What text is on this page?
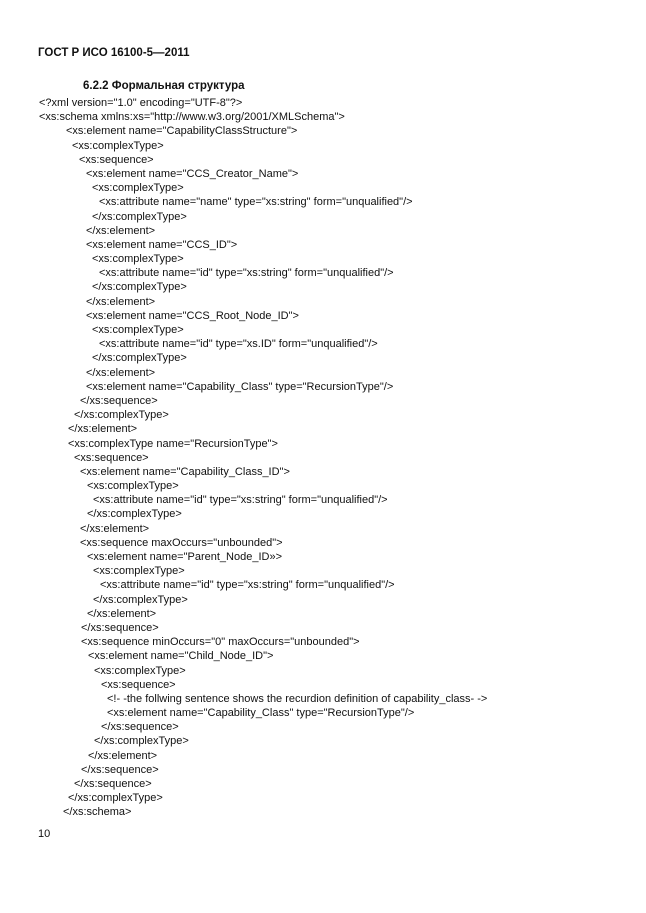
ГОСТ Р ИСО 16100-5—2011
6.2.2 Формальная структура
<?xml version="1.0" encoding="UTF-8"?>
<xs:schema xmlns:xs="http://www.w3.org/2001/XMLSchema">
<xs:element name="CapabilityClassStructure">
<xs:complexType>
<xs:sequence>
<xs:element name="CCS_Creator_Name">
<xs:complexType>
<xs:attribute name="name" type="xs:string" form="unqualified"/>
</xs:complexType>
</xs:element>
<xs:element name="CCS_ID">
<xs:complexType>
<xs:attribute name="id" type="xs:string" form="unqualified"/>
</xs:complexType>
</xs:element>
<xs:element name="CCS_Root_Node_ID">
<xs:complexType>
<xs:attribute name="id" type="xs.ID" form="unqualified"/>
</xs:complexType>
</xs:element>
<xs:element name="Capability_Class" type="RecursionType"/>
</xs:sequence>
</xs:complexType>
</xs:element>
<xs:complexType name="RecursionType">
<xs:sequence>
<xs:element name="Capability_Class_ID">
<xs:complexType>
<xs:attribute name="id" type="xs:string" form="unqualified"/>
</xs:complexType>
</xs:element>
<xs:sequence maxOccurs="unbounded">
<xs:element name="Parent_Node_ID»>
<xs:complexType>
<xs:attribute name="id" type="xs:string" form="unqualified"/>
</xs:complexType>
</xs:element>
</xs:sequence>
<xs:sequence minOccurs="0" maxOccurs="unbounded">
<xs:element name="Child_Node_ID">
<xs:complexType>
<xs:sequence>
<!- -the follwing sentence shows the recurdion definition of capability_class- ->
<xs:element name="Capability_Class" type="RecursionType"/>
</xs:sequence>
</xs:complexType>
</xs:element>
</xs:sequence>
</xs:sequence>
</xs:complexType>
</xs:schema>
10
